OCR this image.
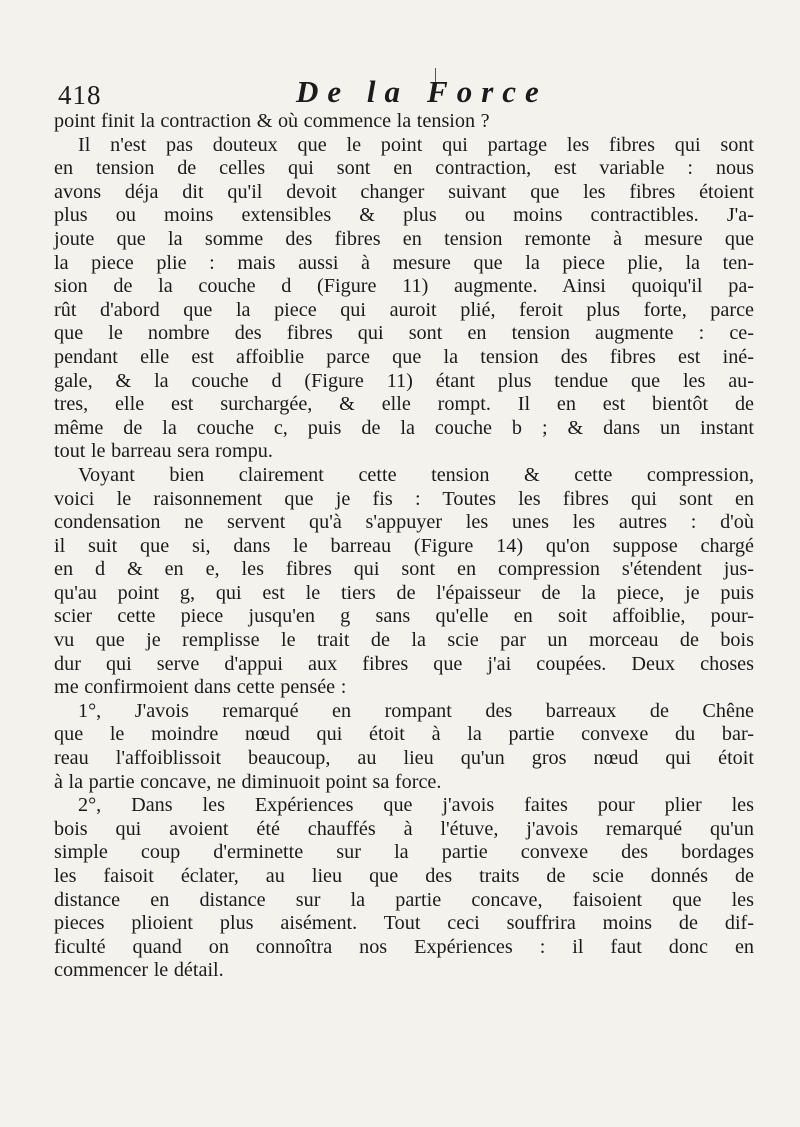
418	De la Force
point finit la contraction & où commence la tension ?
Il n'est pas douteux que le point qui partage les fibres qui sont
en tension de celles qui sont en contraction, est variable : nous
avons déja dit qu'il devoit changer suivant que les fibres étoient
plus ou moins extensibles & plus ou moins contractibles. J'a-
joute que la somme des fibres en tension remonte à mesure que
la piece plie : mais aussi à mesure que la piece plie, la ten-
sion de la couche d (Figure 11) augmente. Ainsi quoiqu'il pa-
rût d'abord que la piece qui auroit plié, feroit plus forte, parce
que le nombre des fibres qui sont en tension augmente : ce-
pendant elle est affoiblie parce que la tension des fibres est iné-
gale, & la couche d (Figure 11) étant plus tendue que les au-
tres, elle est surchargée, & elle rompt. Il en est bientôt de
même de la couche c, puis de la couche b ; & dans un instant
tout le barreau sera rompu.
Voyant bien clairement cette tension & cette compression,
voici le raisonnement que je fis : Toutes les fibres qui sont en
condensation ne servent qu'à s'appuyer les unes les autres : d'où
il suit que si, dans le barreau (Figure 14) qu'on suppose chargé
en d & en e, les fibres qui sont en compression s'étendent jus-
qu'au point g, qui est le tiers de l'épaisseur de la piece, je puis
scier cette piece jusqu'en g sans qu'elle en soit affoiblie, pour-
vu que je remplisse le trait de la scie par un morceau de bois
dur qui serve d'appui aux fibres que j'ai coupées. Deux choses
me confirmoient dans cette pensée :
1°, J'avois remarqué en rompant des barreaux de Chêne
que le moindre nœud qui étoit à la partie convexe du bar-
reau l'affoiblissoit beaucoup, au lieu qu'un gros nœud qui étoit
à la partie concave, ne diminuoit point sa force.
2°, Dans les Expériences que j'avois faites pour plier les
bois qui avoient été chauffés à l'étuve, j'avois remarqué qu'un
simple coup d'erminette sur la partie convexe des bordages
les faisoit éclater, au lieu que des traits de scie donnés de
distance en distance sur la partie concave, faisoient que les
pieces plioient plus aisément. Tout ceci souffrira moins de dif-
ficulté quand on connoîtra nos Expériences : il faut donc en
commencer le détail.
